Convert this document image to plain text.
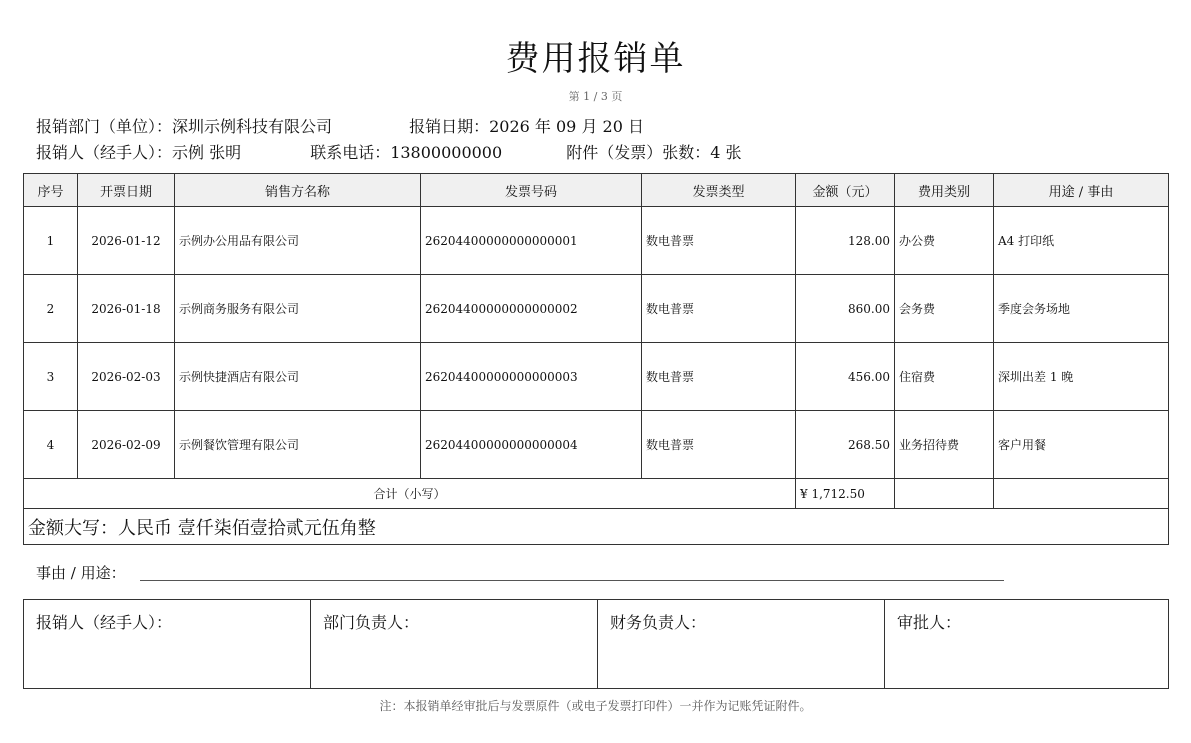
费用报销单
第 1 / 3 页
报销部门（单位）：深圳示例科技有限公司	报销日期：2026 年 09 月 20 日
报销人（经手人）：示例 张明	联系电话：13800000000	附件（发票）张数：4 张
序号	开票日期	销售方名称	发票号码	发票类型	金额（元）	费用类别	用途 / 事由
1	2026-01-12	示例办公用品有限公司	26204400000000000001	数电普票	128.00	办公费	A4 打印纸
2	2026-01-18	示例商务服务有限公司	26204400000000000002	数电普票	860.00	会务费	季度会务场地
3	2026-02-03	示例快捷酒店有限公司	26204400000000000003	数电普票	456.00	住宿费	深圳出差 1 晚
4	2026-02-09	示例餐饮管理有限公司	26204400000000000004	数电普票	268.50	业务招待费	客户用餐
合计（小写）					¥ 1,712.50		
金额大写：人民币 壹仟柒佰壹拾贰元伍角整							
事由 / 用途：
报销人（经手人）：	部门负责人：	财务负责人：	审批人：
注：本报销单经审批后与发票原件（或电子发票打印件）一并作为记账凭证附件。
